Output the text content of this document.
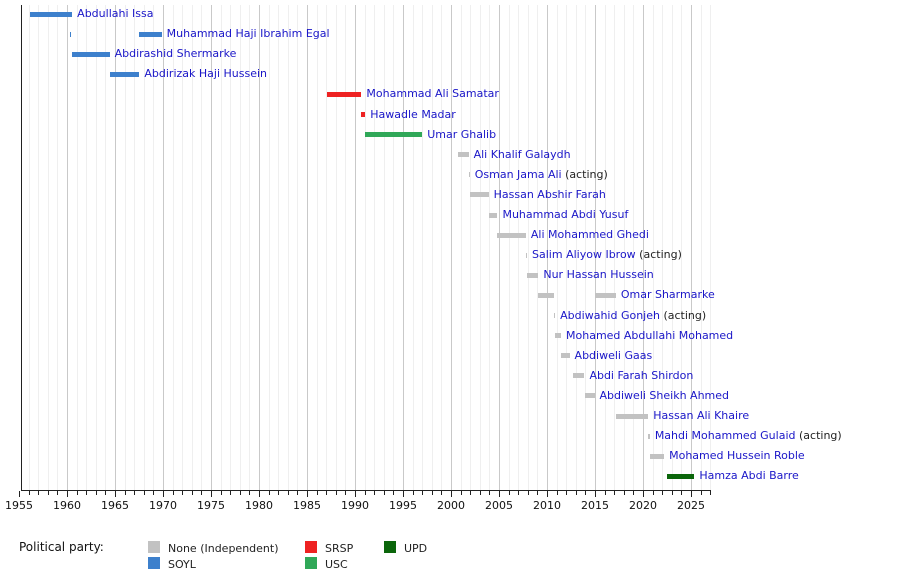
Abdullahi Issa
Muhammad Haji Ibrahim Egal
Abdirashid Shermarke
Abdirizak Haji Hussein
Mohammad Ali Samatar
Hawadle Madar
Umar Ghalib
Ali Khalif Galaydh
Osman Jama Ali (acting)
Hassan Abshir Farah
Muhammad Abdi Yusuf
Ali Mohammed Ghedi
Salim Aliyow Ibrow (acting)
Nur Hassan Hussein
Omar Sharmarke
Abdiwahid Gonjeh (acting)
Mohamed Abdullahi Mohamed
Abdiweli Gaas
Abdi Farah Shirdon
Abdiweli Sheikh Ahmed
Hassan Ali Khaire
Mahdi Mohammed Gulaid (acting)
Mohamed Hussein Roble
Hamza Abdi Barre
1955 1960 1965 1970 1975 1980 1985 1990 1995 2000 2005 2010 2015 2020 2025
Political party:	None (Independent)
SOYL
SRSP
USC
UPD
